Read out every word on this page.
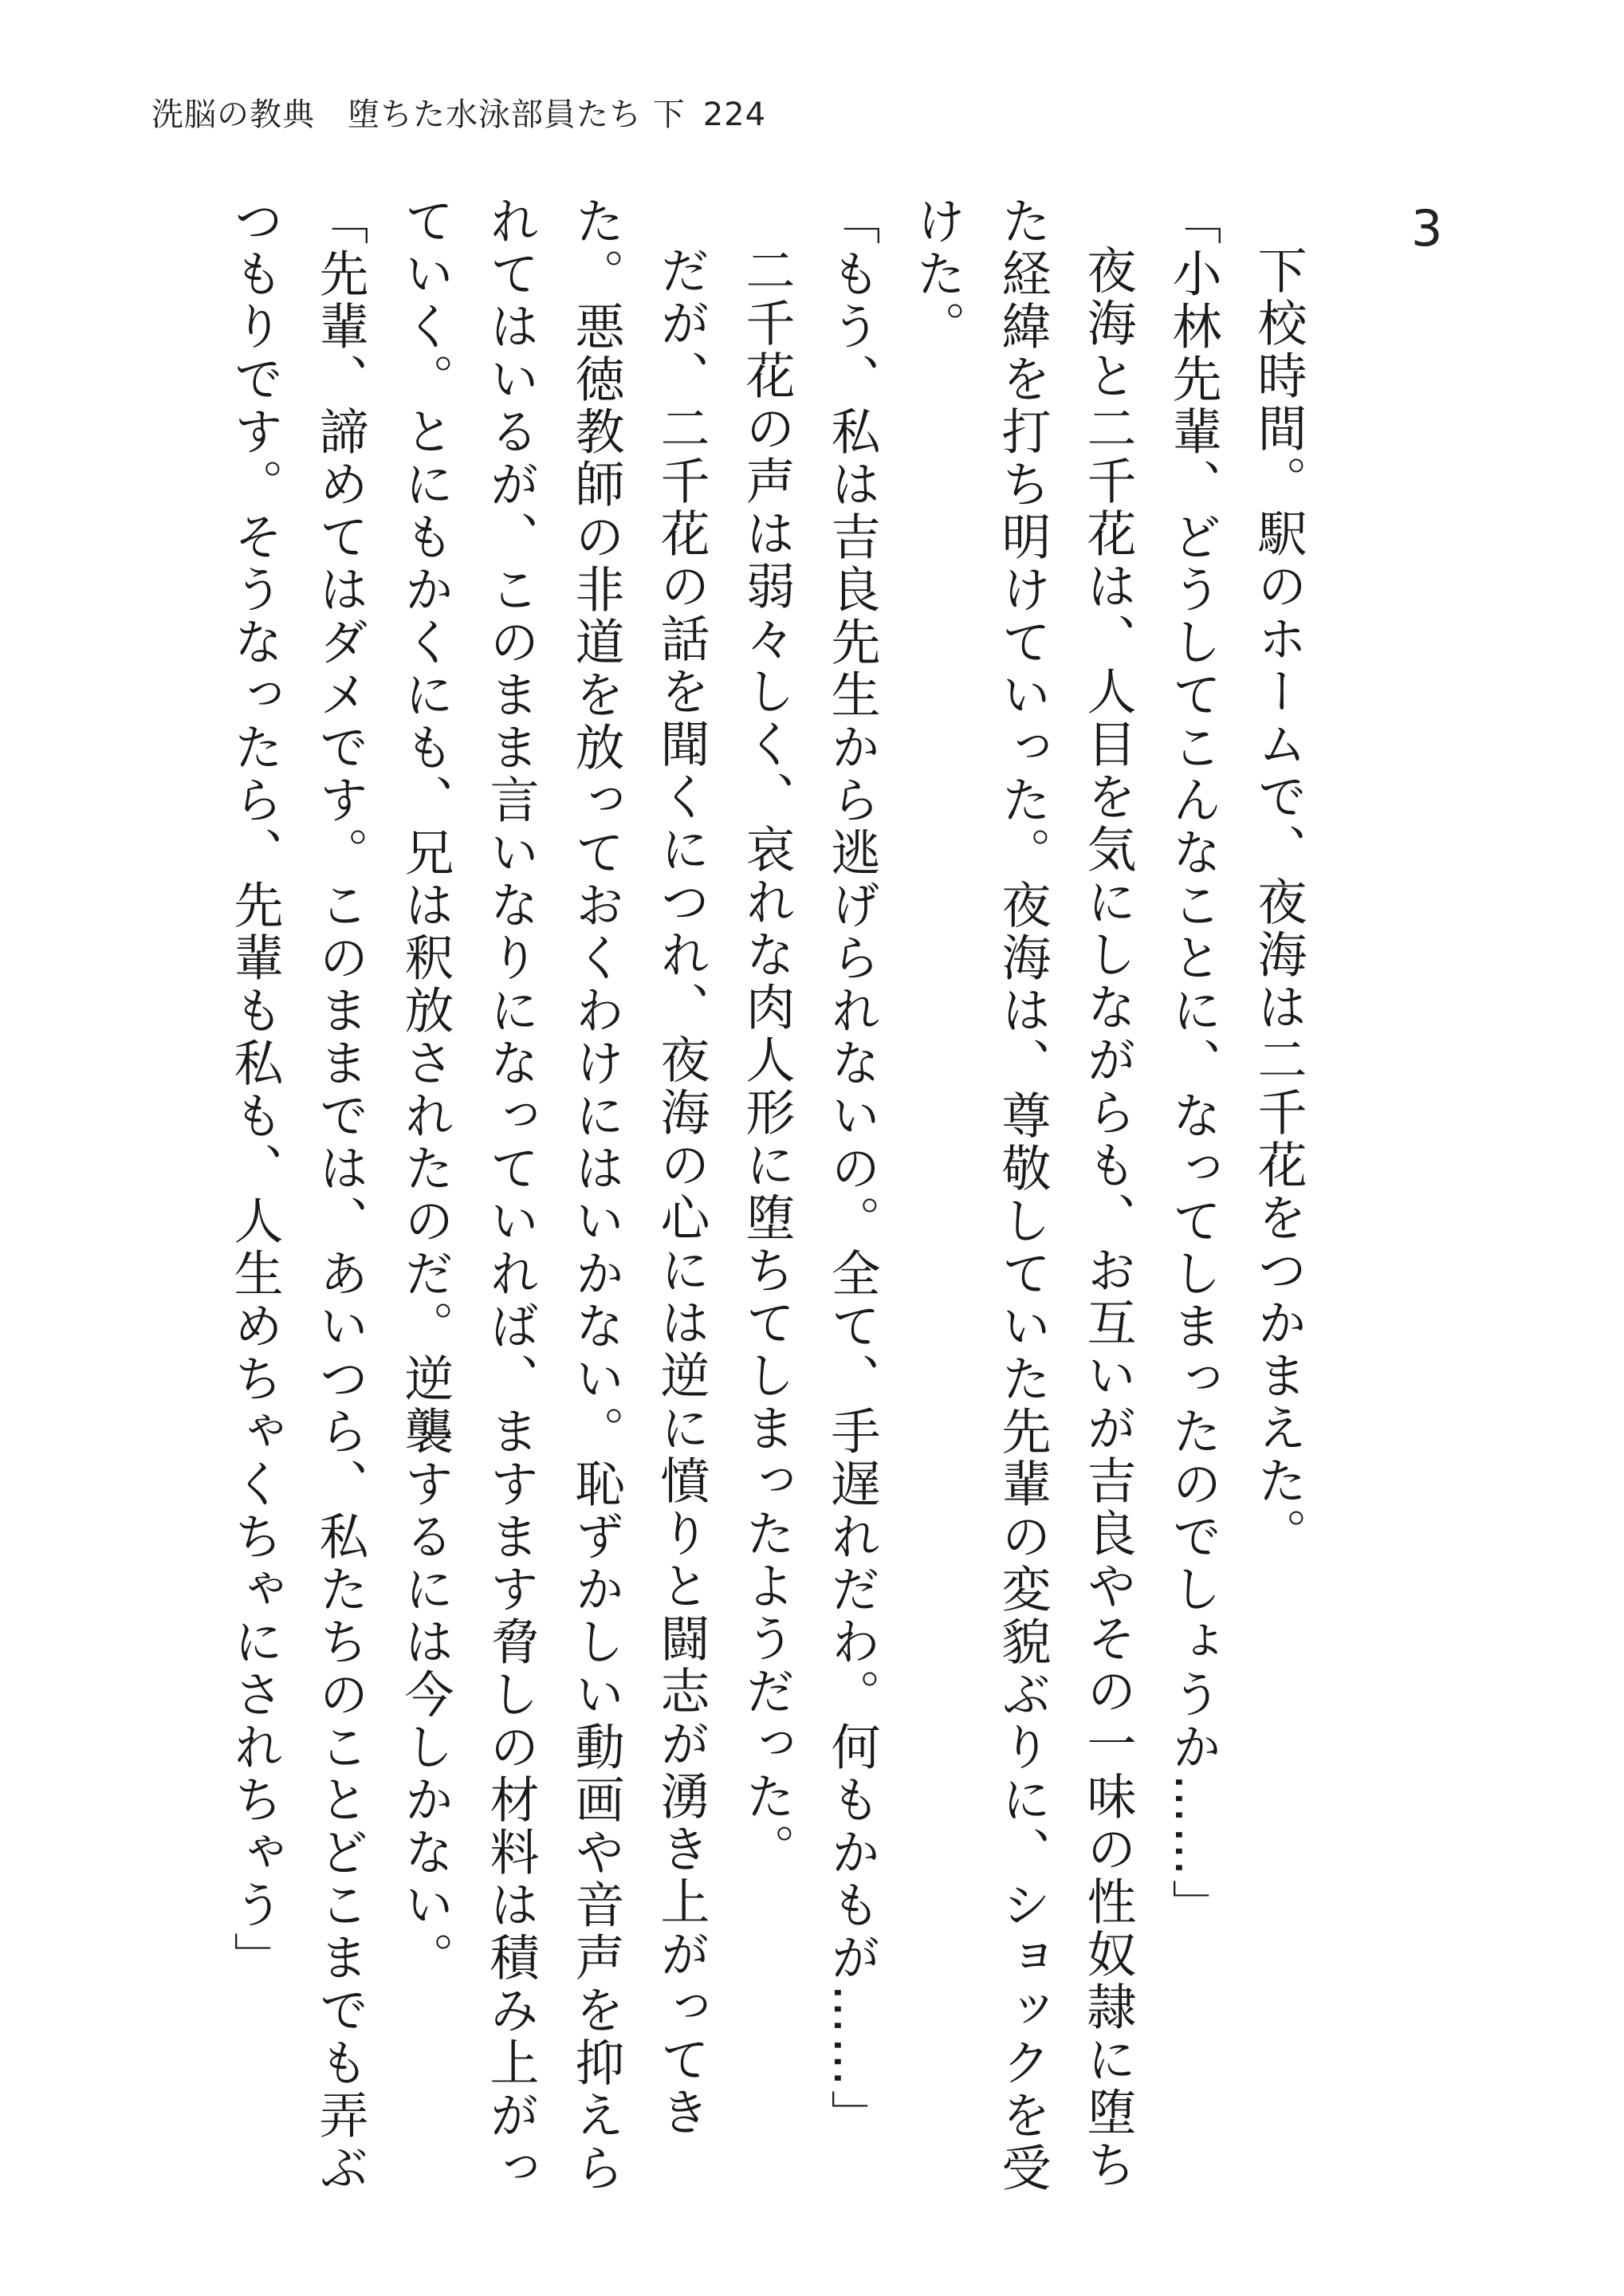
洗脳の教典　堕ちた水泳部員たち 下 224
3

下校時間。駅のホームで、夜海は二千花をつかまえた。

「小林先輩、どうしてこんなことに、なってしまったのでしょうか……」

夜海と二千花は、人目を気にしながらも、お互いが吉良やその一味の性奴隷に堕ちた経緯を打ち明けていった。夜海は、尊敬していた先輩の変貌ぶりに、ショックを受けた。

「もう、私は吉良先生から逃げられないの。全て、手遅れだわ。何もかもが……」

二千花の声は弱々しく、哀れな肉人形に堕ちてしまったようだった。

だが、二千花の話を聞くにつれ、夜海の心には逆に憤りと闘志が湧き上がってきた。悪徳教師の非道を放っておくわけにはいかない。恥ずかしい動画や音声を抑えられてはいるが、このまま言いなりになっていれば、ますます脅しの材料は積み上がっていく。とにもかくにも、兄は釈放されたのだ。逆襲するには今しかない。

「先輩、諦めてはダメです。このままでは、あいつら、私たちのことどこまでも弄ぶつもりです。そうなったら、先輩も私も、人生めちゃくちゃにされちゃう」
